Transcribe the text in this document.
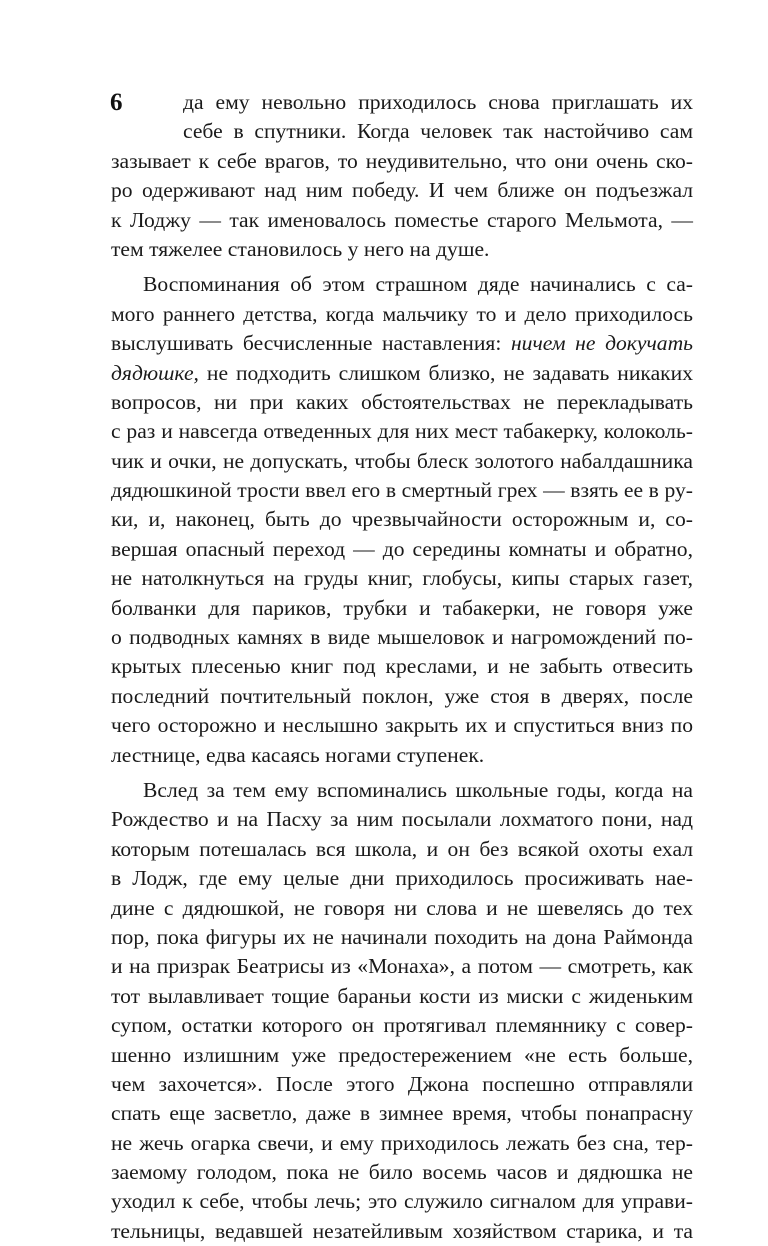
6	да ему невольно приходилось снова приглашать их
себе в спутники. Когда человек так настойчиво сам
зазывает к себе врагов, то неудивительно, что они очень ско-
ро одерживают над ним победу. И чем ближе он подъезжал
к Лоджу — так именовалось поместье старого Мельмота, —
тем тяжелее становилось у него на душе.
Воспоминания об этом страшном дяде начинались с са-
мого раннего детства, когда мальчику то и дело приходилось
выслушивать бесчисленные наставления: ничем не докучать
дядюшке, не подходить слишком близко, не задавать никаких
вопросов, ни при каких обстоятельствах не перекладывать
с раз и навсегда отведенных для них мест табакерку, колоколь-
чик и очки, не допускать, чтобы блеск золотого набалдашника
дядюшкиной трости ввел его в смертный грех — взять ее в ру-
ки, и, наконец, быть до чрезвычайности осторожным и, со-
вершая опасный переход — до середины комнаты и обратно,
не натолкнуться на груды книг, глобусы, кипы старых газет,
болванки для париков, трубки и табакерки, не говоря уже
о подводных камнях в виде мышеловок и нагромождений по-
крытых плесенью книг под креслами, и не забыть отвесить
последний почтительный поклон, уже стоя в дверях, после
чего осторожно и неслышно закрыть их и спуститься вниз по
лестнице, едва касаясь ногами ступенек.
Вслед за тем ему вспоминались школьные годы, когда на
Рождество и на Пасху за ним посылали лохматого пони, над
которым потешалась вся школа, и он без всякой охоты ехал
в Лодж, где ему целые дни приходилось просиживать нае-
дине с дядюшкой, не говоря ни слова и не шевелясь до тех
пор, пока фигуры их не начинали походить на дона Раймонда
и на призрак Беатрисы из «Монаха», а потом — смотреть, как
тот вылавливает тощие бараньи кости из миски с жиденьким
супом, остатки которого он протягивал племяннику с совер-
шенно излишним уже предостережением «не есть больше,
чем захочется». После этого Джона поспешно отправляли
спать еще засветло, даже в зимнее время, чтобы понапрасну
не жечь огарка свечи, и ему приходилось лежать без сна, тер-
заемому голодом, пока не било восемь часов и дядюшка не
уходил к себе, чтобы лечь; это служило сигналом для управи-
тельницы, ведавшей незатейливым хозяйством старика, и та
